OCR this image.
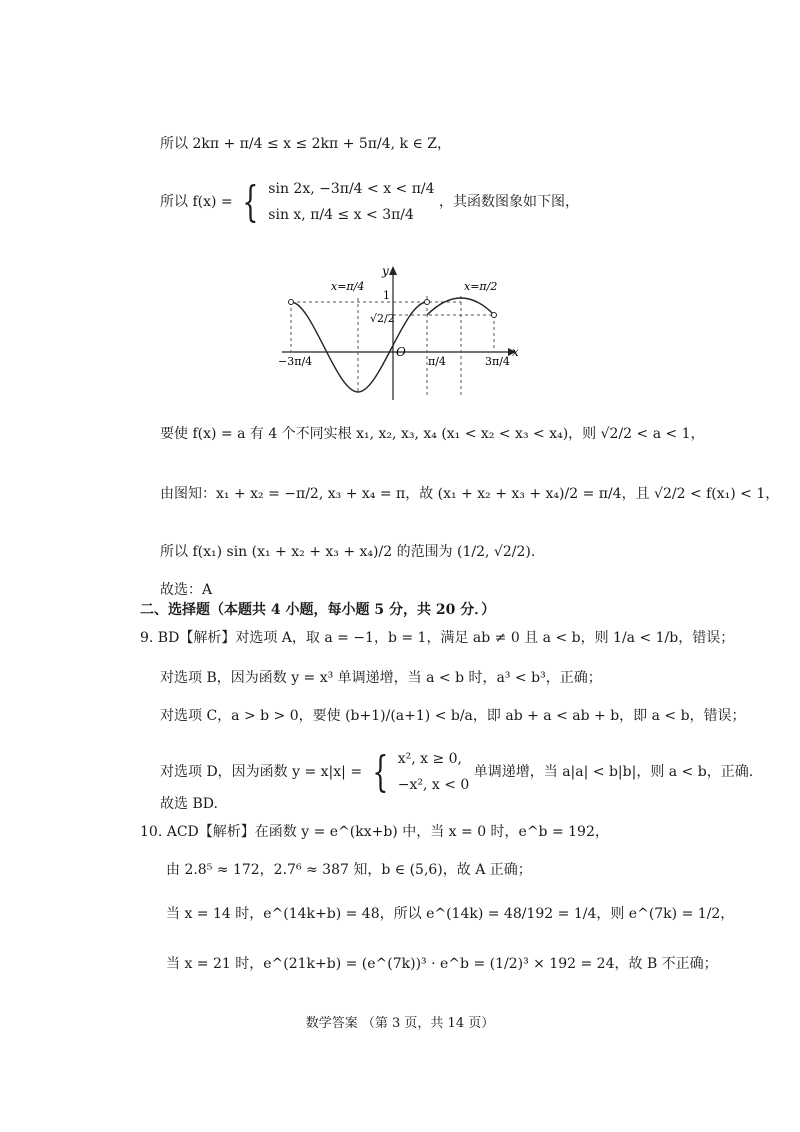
所以 2kπ + π/4 ≤ x ≤ 2kπ + 5π/4, k ∈ Z，
所以 f(x) = { sin 2x, −3π/4 < x < π/4
sin x, π/4 ≤ x < 3π/4
，其函数图象如下图，
y
x
O
x=π/4	x=π/2
1
√2/2
−3π/4	π/4	3π/4
要使 f(x) = a 有 4 个不同实根 x₁, x₂, x₃, x₄ (x₁ < x₂ < x₃ < x₄)，则 √2/2 < a < 1，
由图知：x₁ + x₂ = −π/2, x₃ + x₄ = π，故 (x₁ + x₂ + x₃ + x₄)/2 = π/4，且 √2/2 < f(x₁) < 1，
所以 f(x₁) sin (x₁ + x₂ + x₃ + x₄)/2 的范围为 (1/2, √2/2).
故选：A
二、选择题（本题共 4 小题，每小题 5 分，共 20 分．）
9. BD【解析】对选项 A，取 a = −1，b = 1，满足 ab ≠ 0 且 a < b，则 1/a < 1/b，错误；
对选项 B，因为函数 y = x³ 单调递增，当 a < b 时，a³ < b³，正确；
对选项 C，a > b > 0，要使 (b+1)/(a+1) < b/a，即 ab + a < ab + b，即 a < b，错误；
对选项 D，因为函数 y = x|x| = { x², x ≥ 0,
−x², x < 0
单调递增，当 a|a| < b|b|，则 a < b，正确.
故选 BD.
10. ACD【解析】在函数 y = e^(kx+b) 中，当 x = 0 时，e^b = 192，
由 2.8⁵ ≈ 172，2.7⁶ ≈ 387 知，b ∈ (5,6)，故 A 正确；
当 x = 14 时，e^(14k+b) = 48，所以 e^(14k) = 48/192 = 1/4，则 e^(7k) = 1/2，
当 x = 21 时，e^(21k+b) = (e^(7k))³ · e^b = (1/2)³ × 192 = 24，故 B 不正确；
数学答案 （第 3 页，共 14 页）
